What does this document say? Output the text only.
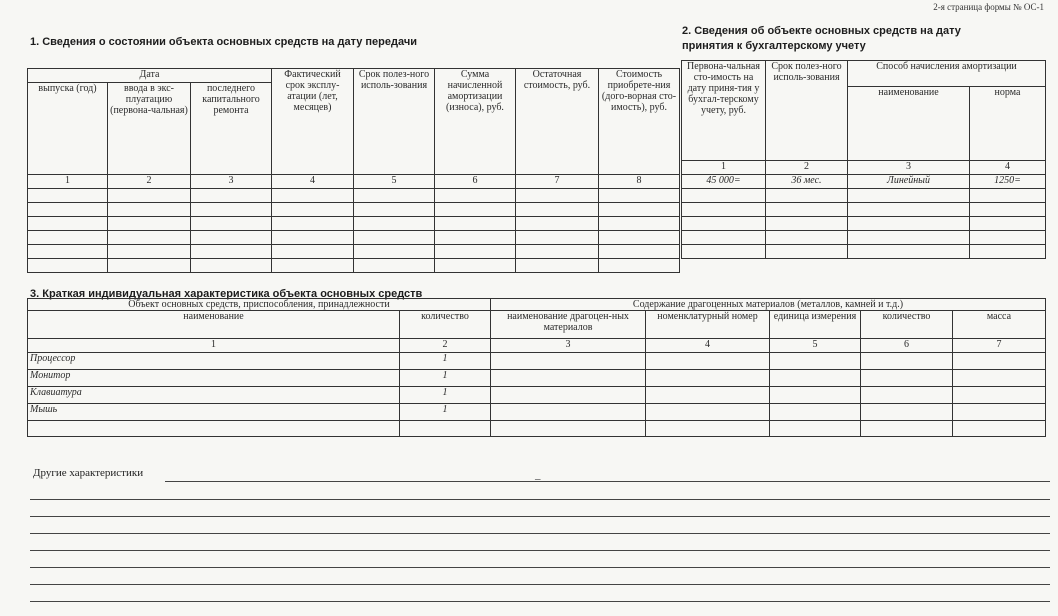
2-я страница формы № ОС-1
1. Сведения о состоянии объекта основных средств на дату передачи
Дата			Фактический срок эксплу-атации (лет, месяцев)	Срок полез-ного исполь-зования	Сумма начисленной амортизации (износа), руб.	Остаточная стоимость, руб.	Стоимость приобрете-ния (дого-ворная сто-имость), руб.
выпуска (год)	ввода в экс-плуатацию (первона-чальная)	последнего капитального ремонта					
1	2	3	4	5	6	7	8

2. Сведения об объекте основных средств на дату
принятия к бухгалтерскому учету
Первона-чальная сто-имость на дату приня-тия у бухгал-терскому учету, руб.	Срок полез-ного исполь-зования	Способ начисления амортизации	
		наименование	норма
1	2	3	4
45 000=	36 мес.	Линейный	1250=

3. Краткая индивидуальная характеристика объекта основных средств
Объект основных средств, приспособления, принадлежности		Содержание драгоценных материалов (металлов, камней и т.д.)				
наименование	количество	наименование драгоцен-ных материалов	номенклатурный номер	единица измерения	количество	масса
1	2	3	4	5	6	7
Процессор	1					
Монитор	1					
Клавиатура	1					
Мышь	1					

Другие характеристики	–
